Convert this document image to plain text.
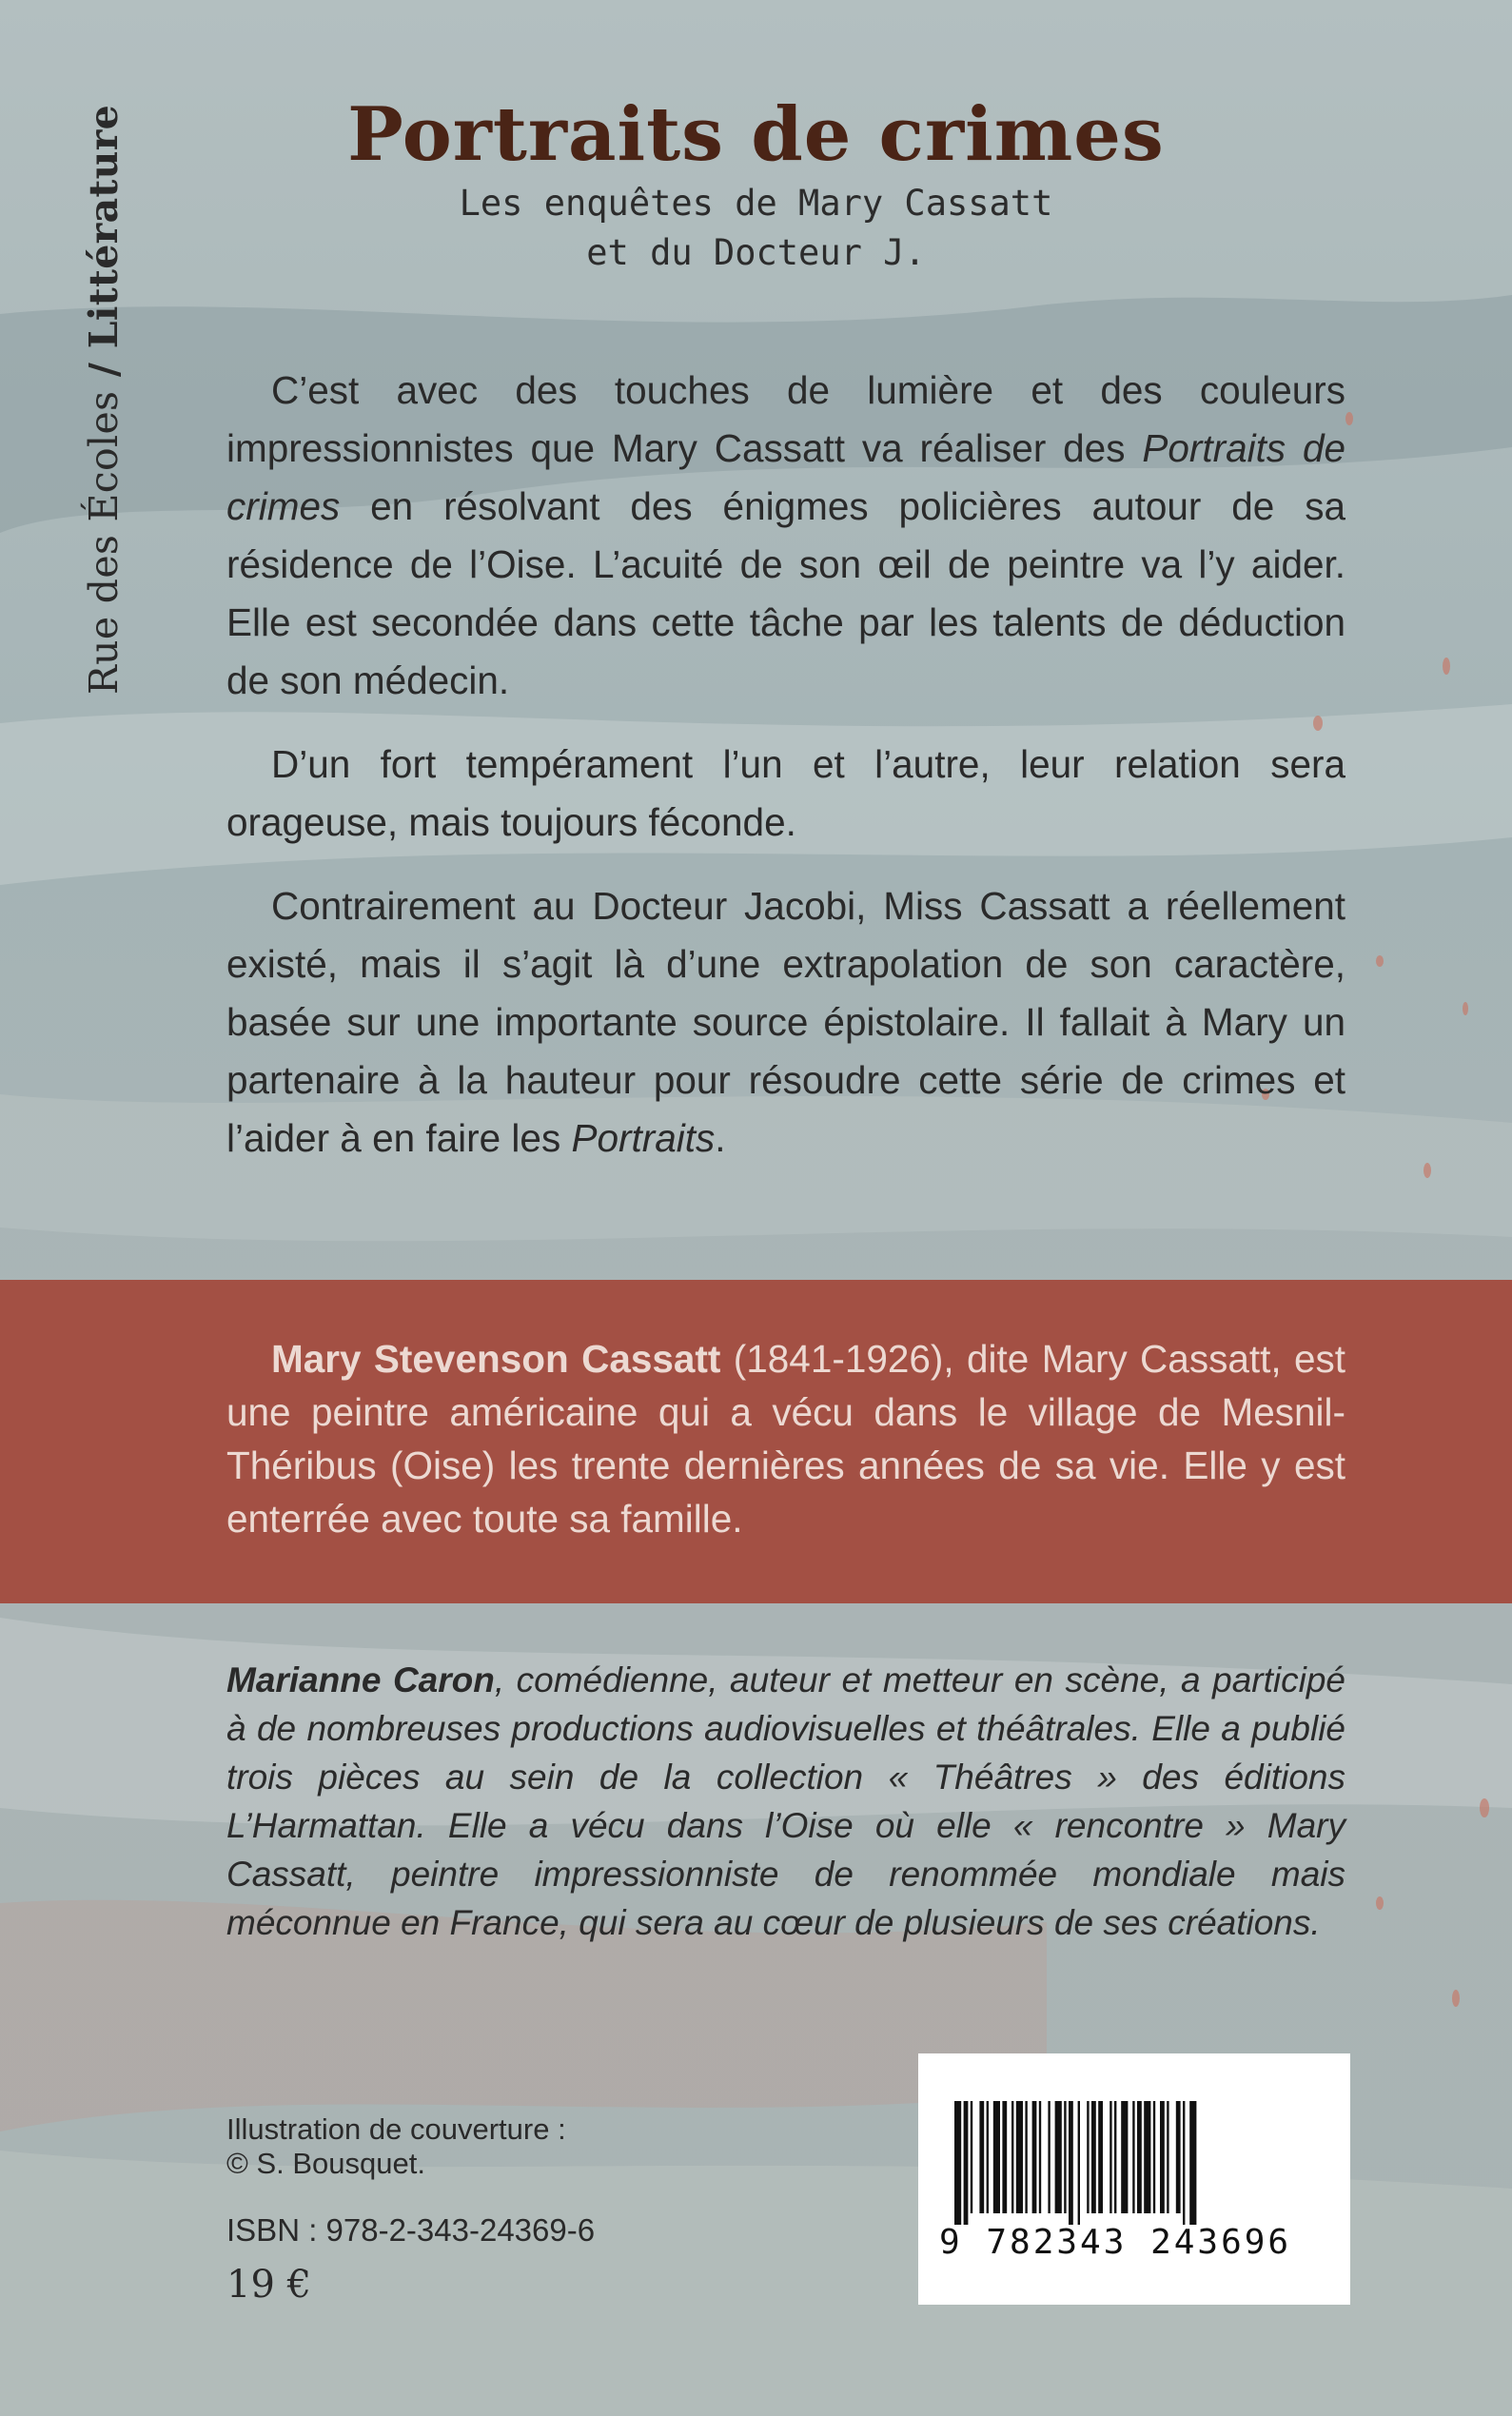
Rue des Écoles / Littérature	Portraits de crimes
Les enquêtes de Mary Cassatt
et du Docteur J.

C’est avec des touches de lumière et des couleurs impressionnistes que Mary Cassatt va réaliser des Portraits de crimes en résolvant des énigmes policières autour de sa résidence de l’Oise. L’acuité de son œil de peintre va l’y aider. Elle est secondée dans cette tâche par les talents de déduction de son médecin.

D’un fort tempérament l’un et l’autre, leur relation sera orageuse, mais toujours féconde.

Contrairement au Docteur Jacobi, Miss Cassatt a réellement existé, mais il s’agit là d’une extrapolation de son caractère, basée sur une importante source épistolaire. Il fallait à Mary un partenaire à la hauteur pour résoudre cette série de crimes et l’aider à en faire les Portraits.

Mary Stevenson Cassatt (1841-1926), dite Mary Cassatt, est une peintre américaine qui a vécu dans le village de Mesnil-Théribus (Oise) les trente dernières années de sa vie. Elle y est enterrée avec toute sa famille.

Marianne Caron, comédienne, auteur et metteur en scène, a participé à de nombreuses productions audiovisuelles et théâtrales. Elle a publié trois pièces au sein de la collection « Théâtres » des éditions L’Harmattan. Elle a vécu dans l’Oise où elle « rencontre » Mary Cassatt, peintre impressionniste de renommée mondiale mais méconnue en France, qui sera au cœur de plusieurs de ses créations.
Illustration de couverture :
© S. Bousquet.
ISBN : 978-2-343-24369-6
19 €
9 782343 243696
